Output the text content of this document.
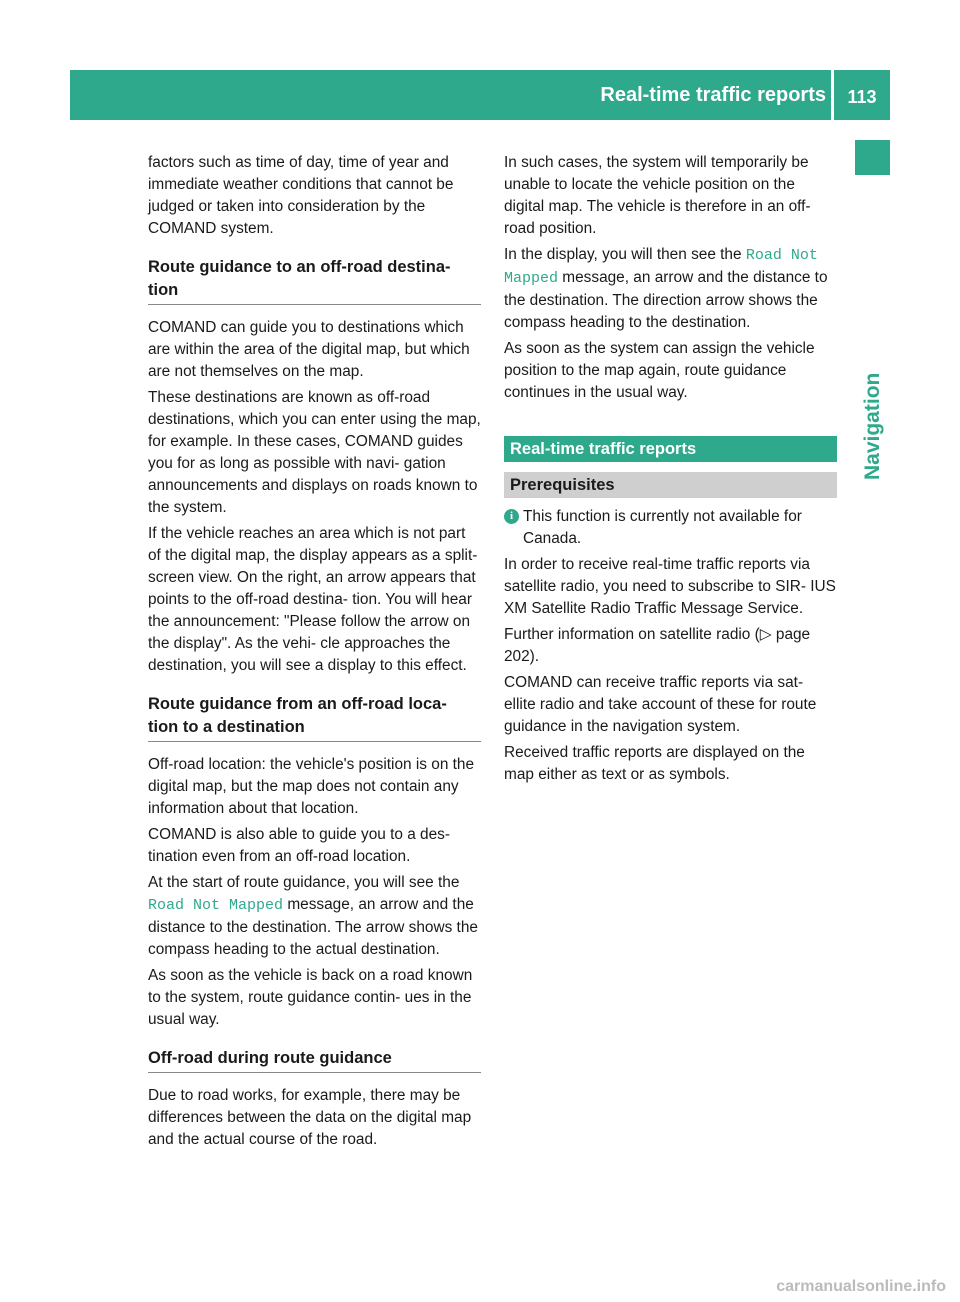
Real-time traffic reports	113
Navigation

factors such as time of day, time of year and immediate weather conditions that cannot be judged or taken into consideration by the COMAND system.

Route guidance to an off-road destina- tion

COMAND can guide you to destinations which are within the area of the digital map, but which are not themselves on the map.

These destinations are known as off-road destinations, which you can enter using the map, for example. In these cases, COMAND guides you for as long as possible with navi- gation announcements and displays on roads known to the system.

If the vehicle reaches an area which is not part of the digital map, the display appears as a split-screen view. On the right, an arrow appears that points to the off-road destina- tion. You will hear the announcement: "Please follow the arrow on the display". As the vehi- cle approaches the destination, you will see a display to this effect.

Route guidance from an off-road loca- tion to a destination

Off-road location: the vehicle's position is on the digital map, but the map does not contain any information about that location.

COMAND is also able to guide you to a des- tination even from an off-road location.

At the start of route guidance, you will see the Road Not Mapped message, an arrow and the distance to the destination. The arrow shows the compass heading to the actual destination.

As soon as the vehicle is back on a road known to the system, route guidance contin- ues in the usual way.

Off-road during route guidance

Due to road works, for example, there may be differences between the data on the digital map and the actual course of the road.

In such cases, the system will temporarily be unable to locate the vehicle position on the digital map. The vehicle is therefore in an off- road position.

In the display, you will then see the Road Not Mapped message, an arrow and the distance to the destination. The direction arrow shows the compass heading to the destination.

As soon as the system can assign the vehicle position to the map again, route guidance continues in the usual way.

Real-time traffic reports
Prerequisites
i This function is currently not available for Canada.

In order to receive real-time traffic reports via satellite radio, you need to subscribe to SIR- IUS XM Satellite Radio Traffic Message Service.

Further information on satellite radio (▷ page 202).

COMAND can receive traffic reports via sat- ellite radio and take account of these for route guidance in the navigation system.

Received traffic reports are displayed on the map either as text or as symbols.

carmanualsonline.info
